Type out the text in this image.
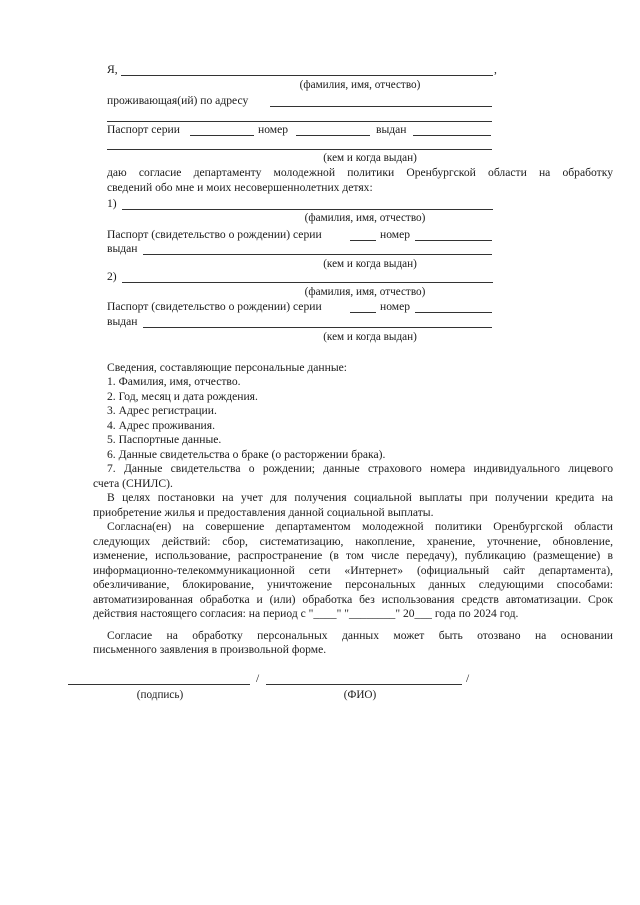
Я,	,
(фамилия, имя, отчество)
проживающая(ий) по адресу
Паспорт серии	номер	выдан
(кем и когда выдан)
даю согласие департаменту молодежной политики Оренбургской области на обработку
сведений обо мне и моих несовершеннолетних детях:
1)
(фамилия, имя, отчество)
Паспорт (свидетельство о рождении) серии	номер
выдан
(кем и когда выдан)
2)
(фамилия, имя, отчество)
Паспорт (свидетельство о рождении) серии	номер
выдан
(кем и когда выдан)
Сведения, составляющие персональные данные:
1. Фамилия, имя, отчество.
2. Год, месяц и дата рождения.
3. Адрес регистрации.
4. Адрес проживания.
5. Паспортные данные.
6. Данные свидетельства о браке (о расторжении брака).
7. Данные свидетельства о рождении; данные страхового номера индивидуального лицевого
счета (СНИЛС).
В целях постановки на учет для получения социальной выплаты при получении кредита на
приобретение жилья и предоставления данной социальной выплаты.
Согласна(ен) на совершение департаментом молодежной политики Оренбургской области
следующих действий: сбор, систематизацию, накопление, хранение, уточнение, обновление,
изменение, использование, распространение (в том числе передачу), публикацию (размещение) в
информационно-телекоммуникационной сети «Интернет» (официальный сайт департамента),
обезличивание, блокирование, уничтожение персональных данных следующими способами:
автоматизированная обработка и (или) обработка без использования средств автоматизации. Срок
действия настоящего согласия: на период с "____" "________" 20___ года по 2024 год.
Согласие на обработку персональных данных может быть отозвано на основании
письменного заявления в произвольной форме.
/	/
(подпись)	(ФИО)
